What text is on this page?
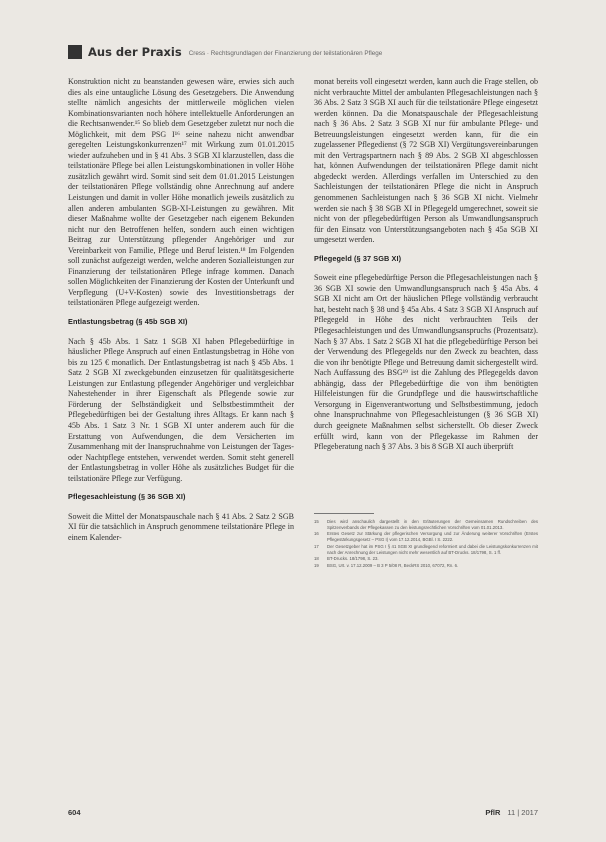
Aus der Praxis Cress · Rechtsgrundlagen der Finanzierung der teilstationären Pflege

Konstruktion nicht zu beanstanden gewesen wäre, erwies sich auch dies als eine untaugliche Lösung des Gesetzgebers. Die Anwendung stellte nämlich angesichts der mittlerweile möglichen vielen Kombinationsvarianten noch höhere intellektuelle Anforderungen an die Rechtsanwender.¹⁵ So blieb dem Gesetzgeber zuletzt nur noch die Möglichkeit, mit dem PSG I¹⁶ seine nahezu nicht anwendbar geregelten Leistungskonkurrenzen¹⁷ mit Wirkung zum 01.01.2015 wieder aufzuheben und in § 41 Abs. 3 SGB XI klarzustellen, dass die teilstationäre Pflege bei allen Leistungskombinationen in voller Höhe zusätzlich gewährt wird. Somit sind seit dem 01.01.2015 Leistungen der teilstationären Pflege vollständig ohne Anrechnung auf andere Leistungen und damit in voller Höhe monatlich jeweils zusätzlich zu allen anderen ambulanten SGB-XI-Leistungen zu gewähren. Mit dieser Maßnahme wollte der Gesetzgeber nach eigenem Bekunden nicht nur den Betroffenen helfen, sondern auch einen wichtigen Beitrag zur Unterstützung pflegender Angehöriger und zur Vereinbarkeit von Familie, Pflege und Beruf leisten.¹⁸ Im Folgenden soll zunächst aufgezeigt werden, welche anderen Sozialleistungen zur Finanzierung der teilstationären Pflege infrage kommen. Danach sollen Möglichkeiten der Finanzierung der Kosten der Unterkunft und Verpflegung (U+V-Kosten) sowie des Investitionsbetrags der teilstationären Pflege aufgezeigt werden.

Entlastungsbetrag (§ 45b SGB XI)

Nach § 45b Abs. 1 Satz 1 SGB XI haben Pflegebedürftige in häuslicher Pflege Anspruch auf einen Entlastungsbetrag in Höhe von bis zu 125 € monatlich. Der Entlastungsbetrag ist nach § 45b Abs. 1 Satz 2 SGB XI zweckgebunden einzusetzen für qualitätsgesicherte Leistungen zur Entlastung pflegender Angehöriger und vergleichbar Nahestehender in ihrer Eigenschaft als Pflegende sowie zur Förderung der Selbständigkeit und Selbstbestimmtheit der Pflegebedürftigen bei der Gestaltung ihres Alltags. Er kann nach § 45b Abs. 1 Satz 3 Nr. 1 SGB XI unter anderem auch für die Erstattung von Aufwendungen, die dem Versicherten im Zusammenhang mit der Inanspruchnahme von Leistungen der Tages- oder Nachtpflege entstehen, verwendet werden. Somit steht generell der Entlastungsbetrag in voller Höhe als zusätzliches Budget für die teilstationäre Pflege zur Verfügung.

Pflegesachleistung (§ 36 SGB XI)

Soweit die Mittel der Monatspauschale nach § 41 Abs. 2 Satz 2 SGB XI für die tatsächlich in Anspruch genommene teilstationäre Pflege in einem Kalender-

monat bereits voll eingesetzt werden, kann auch die Frage stellen, ob nicht verbrauchte Mittel der ambulanten Pflegesachleistungen nach § 36 Abs. 2 Satz 3 SGB XI auch für die teilstationäre Pflege eingesetzt werden können. Da die Monatspauschale der Pflegesachleistung nach § 36 Abs. 2 Satz 3 SGB XI nur für ambulante Pflege- und Betreuungsleistungen eingesetzt werden kann, für die ein zugelassener Pflegedienst (§ 72 SGB XI) Vergütungsvereinbarungen mit den Vertragspartnern nach § 89 Abs. 2 SGB XI abgeschlossen hat, können Aufwendungen der teilstationären Pflege damit nicht abgedeckt werden. Allerdings verfallen im Unterschied zu den Sachleistungen der teilstationären Pflege die nicht in Anspruch genommenen Sachleistungen nach § 36 SGB XI nicht. Vielmehr werden sie nach § 38 SGB XI in Pflegegeld umgerechnet, soweit sie nicht von der pflegebedürftigen Person als Umwandlungsanspruch für den Einsatz von Unterstützungsangeboten nach § 45a SGB XI umgesetzt werden.

Pflegegeld (§ 37 SGB XI)

Soweit eine pflegebedürftige Person die Pflegesachleistungen nach § 36 SGB XI sowie den Umwandlungsanspruch nach § 45a Abs. 4 SGB XI nicht am Ort der häuslichen Pflege vollständig verbraucht hat, besteht nach § 38 und § 45a Abs. 4 Satz 3 SGB XI Anspruch auf Pflegegeld in Höhe des nicht verbrauchten Teils der Pflegesachleistungen und des Umwandlungsanspruchs (Prozentsatz). Nach § 37 Abs. 1 Satz 2 SGB XI hat die pflegebedürftige Person bei der Verwendung des Pflegegelds nur den Zweck zu beachten, dass die von ihr benötigte Pflege und Betreuung damit sichergestellt wird. Nach Auffassung des BSG¹⁹ ist die Zahlung des Pflegegelds davon abhängig, dass der Pflegebedürftige die von ihm benötigten Hilfeleistungen für die Grundpflege und die hauswirtschaftliche Versorgung in Eigenverantwortung und Selbstbestimmung, jedoch ohne Inanspruchnahme von Pflegesachleistungen (§ 36 SGB XI) durch geeignete Maßnahmen selbst sicherstellt. Ob dieser Zweck erfüllt wird, kann von der Pflegekasse im Rahmen der Pflegeberatung nach § 37 Abs. 3 bis 8 SGB XI auch überprüft

15	Dies wird anschaulich dargestellt in den Erläuterungen der Gemeinsamen Rundschreiben des Spitzenverbands der Pflegekassen zu den leistungsrechtlichen Vorschriften vom 01.01.2013.
16	Erstes Gesetz zur Stärkung der pflegerischen Versorgung und zur Änderung weiterer Vorschriften (Erstes Pflegestärkungsgesetz – PSG I) vom 17.12.2014, BGBl. I S. 2222.
17	Der Gesetzgeber hat im PSG I § 41 SGB XI grundlegend reformiert und dabei die Leistungskonkurrenzen mit nach der Anrechnung der Leistungen nicht mehr wesentlich auf BT-Drucks. 18/1798, S. 1 ff.
18	BT-Drucks. 18/1798, S. 23.
19	BSG, Urt. v. 17.12.2009 – B 3 P 5/08 R, BeckRS 2010, 67072, Rn. 6.
604	PflR 11 | 2017
